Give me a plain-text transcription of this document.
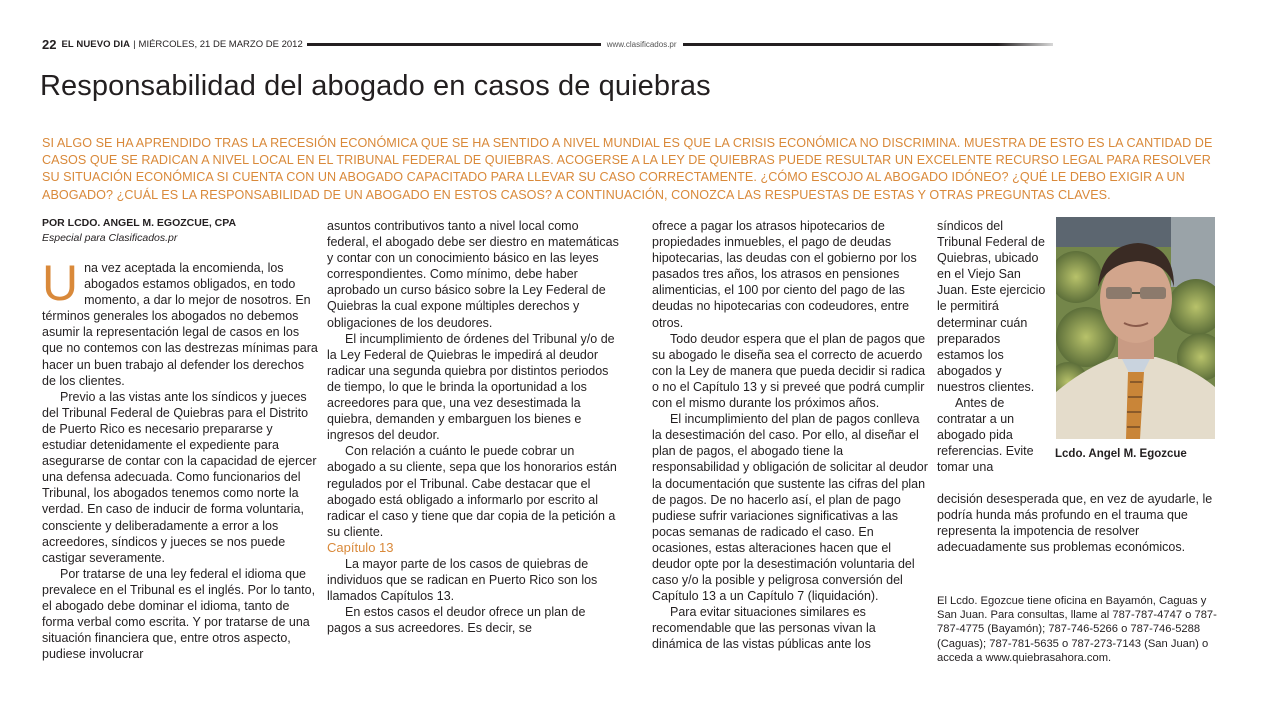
22 EL NUEVO DIA | MIÉRCOLES, 21 DE MARZO DE 2012	www.clasificados.pr
Responsabilidad del abogado en casos de quiebras
SI ALGO SE HA APRENDIDO TRAS LA RECESIÓN ECONÓMICA QUE SE HA SENTIDO A NIVEL MUNDIAL ES QUE LA CRISIS ECONÓMICA NO DISCRIMINA. MUESTRA DE ESTO ES LA CANTIDAD DE CASOS QUE SE RADICAN A NIVEL LOCAL EN EL TRIBUNAL FEDERAL DE QUIEBRAS. ACOGERSE A LA LEY DE QUIEBRAS PUEDE RESULTAR UN EXCELENTE RECURSO LEGAL PARA RESOLVER SU SITUACIÓN ECONÓMICA SI CUENTA CON UN ABOGADO CAPACITADO PARA LLEVAR SU CASO CORRECTAMENTE. ¿CÓMO ESCOJO AL ABOGADO IDÓNEO? ¿QUÉ LE DEBO EXIGIR A UN ABOGADO? ¿CUÁL ES LA RESPONSABILIDAD DE UN ABOGADO EN ESTOS CASOS? A CONTINUACIÓN, CONOZCA LAS RESPUESTAS DE ESTAS Y OTRAS PREGUNTAS CLAVES.
POR LCDO. ANGEL M. EGOZCUE, CPA
Especial para Clasificados.pr

Una vez aceptada la encomienda, los abogados estamos obligados, en todo momento, a dar lo mejor de nosotros. En términos generales los abogados no debemos asumir la representación legal de casos en los que no contemos con las destrezas mínimas para hacer un buen trabajo al defender los derechos de los clientes.

Previo a las vistas ante los síndicos y jueces del Tribunal Federal de Quiebras para el Distrito de Puerto Rico es necesario prepararse y estudiar detenidamente el expediente para asegurarse de contar con la capacidad de ejercer una defensa adecuada. Como funcionarios del Tribunal, los abogados tenemos como norte la verdad. En caso de inducir de forma voluntaria, consciente y deliberadamente a error a los acreedores, síndicos y jueces se nos puede castigar severamente.

Por tratarse de una ley federal el idioma que prevalece en el Tribunal es el inglés. Por lo tanto, el abogado debe dominar el idioma, tanto de forma verbal como escrita. Y por tratarse de una situación financiera que, entre otros aspecto, pudiese involucrar

asuntos contributivos tanto a nivel local como federal, el abogado debe ser diestro en matemáticas y contar con un conocimiento básico en las leyes correspondientes. Como mínimo, debe haber aprobado un curso básico sobre la Ley Federal de Quiebras la cual expone múltiples derechos y obligaciones de los deudores.

El incumplimiento de órdenes del Tribunal y/o de la Ley Federal de Quiebras le impedirá al deudor radicar una segunda quiebra por distintos periodos de tiempo, lo que le brinda la oportunidad a los acreedores para que, una vez desestimada la quiebra, demanden y embarguen los bienes e ingresos del deudor.

Con relación a cuánto le puede cobrar un abogado a su cliente, sepa que los honorarios están regulados por el Tribunal. Cabe destacar que el abogado está obligado a informarlo por escrito al radicar el caso y tiene que dar copia de la petición a su cliente.

Capítulo 13

La mayor parte de los casos de quiebras de individuos que se radican en Puerto Rico son los llamados Capítulos 13.

En estos casos el deudor ofrece un plan de pagos a sus acreedores. Es decir, se

ofrece a pagar los atrasos hipotecarios de propiedades inmuebles, el pago de deudas hipotecarias, las deudas con el gobierno por los pasados tres años, los atrasos en pensiones alimenticias, el 100 por ciento del pago de las deudas no hipotecarias con codeudores, entre otros.

Todo deudor espera que el plan de pagos que su abogado le diseña sea el correcto de acuerdo con la Ley de manera que pueda decidir si radica o no el Capítulo 13 y si preveé que podrá cumplir con el mismo durante los próximos años.

El incumplimiento del plan de pagos conlleva la desestimación del caso. Por ello, al diseñar el plan de pagos, el abogado tiene la responsabilidad y obligación de solicitar al deudor la documentación que sustente las cifras del plan de pagos. De no hacerlo así, el plan de pago pudiese sufrir variaciones significativas a las pocas semanas de radicado el caso. En ocasiones, estas alteraciones hacen que el deudor opte por la desestimación voluntaria del caso y/o la posible y peligrosa conversión del Capítulo 13 a un Capítulo 7 (liquidación).

Para evitar situaciones similares es recomendable que las personas vivan la dinámica de las vistas públicas ante los

síndicos del Tribunal Federal de Quiebras, ubicado en el Viejo San Juan. Este ejercicio le permitirá determinar cuán preparados estamos los abogados y nuestros clientes.

Antes de contratar a un abogado pida referencias. Evite tomar una

decisión desesperada que, en vez de ayudarle, le podría hunda más profundo en el trauma que representa la impotencia de resolver adecuadamente sus problemas económicos.

Lcdo. Angel M. Egozcue
El Lcdo. Egozcue tiene oficina en Bayamón, Caguas y San Juan. Para consultas, llame al 787-787-4747 o 787-787-4775 (Bayamón); 787-746-5266 o 787-746-5288 (Caguas); 787-781-5635 o 787-273-7143 (San Juan) o acceda a www.quiebrasahora.com.
